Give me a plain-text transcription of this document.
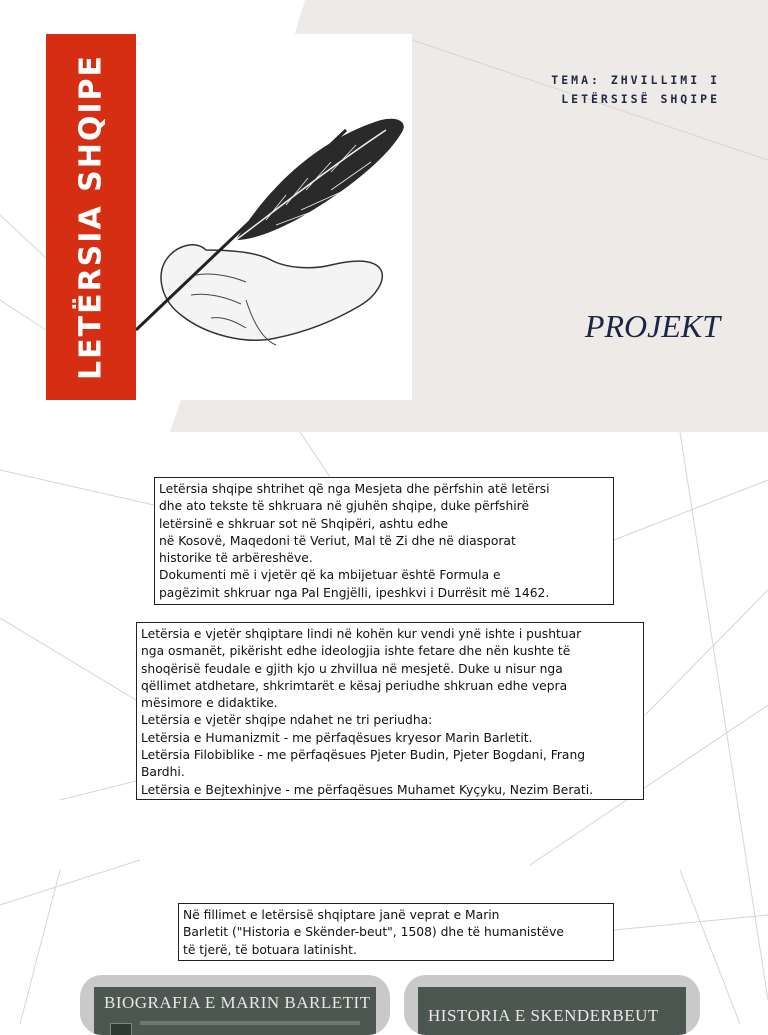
LETËRSIA SHQIPE	TEMA: ZHVILLIMI I
LETËRSISË SHQIPE
PROJEKT
Letërsia shqipe shtrihet që nga Mesjeta dhe përfshin atë letërsi
dhe ato tekste të shkruara në gjuhën shqipe, duke përfshirë
letërsinë e shkruar sot në Shqipëri, ashtu edhe
në Kosovë, Maqedoni të Veriut, Mal të Zi dhe në diasporat
historike të arbëreshëve.
Dokumenti më i vjetër që ka mbijetuar është Formula e
pagëzimit shkruar nga Pal Engjëlli, ipeshkvi i Durrësit më 1462.
Letërsia e vjetër shqiptare lindi në kohën kur vendi ynë ishte i pushtuar
nga osmanët, pikërisht edhe ideologjia ishte fetare dhe nën kushte të
shoqërisë feudale e gjith kjo u zhvillua në mesjetë. Duke u nisur nga
qëllimet atdhetare, shkrimtarët e kësaj periudhe shkruan edhe vepra
mësimore e didaktike.
Letërsia e vjetër shqipe ndahet ne tri periudha:
Letërsia e Humanizmit - me përfaqësues kryesor Marin Barletit.
Letërsia Filobiblike - me përfaqësues Pjeter Budin, Pjeter Bogdani, Frang
Bardhi.
Letërsia e Bejtexhinjve - me përfaqësues Muhamet Kyçyku, Nezim Berati.
Në fillimet e letërsisë shqiptare janë veprat e Marin
Barletit ("Historia e Skënder-beut", 1508) dhe të humanistëve
të tjerë, të botuara latinisht.
BIOGRAFIA E MARIN BARLETIT
HISTORIA E SKENDERBEUT
